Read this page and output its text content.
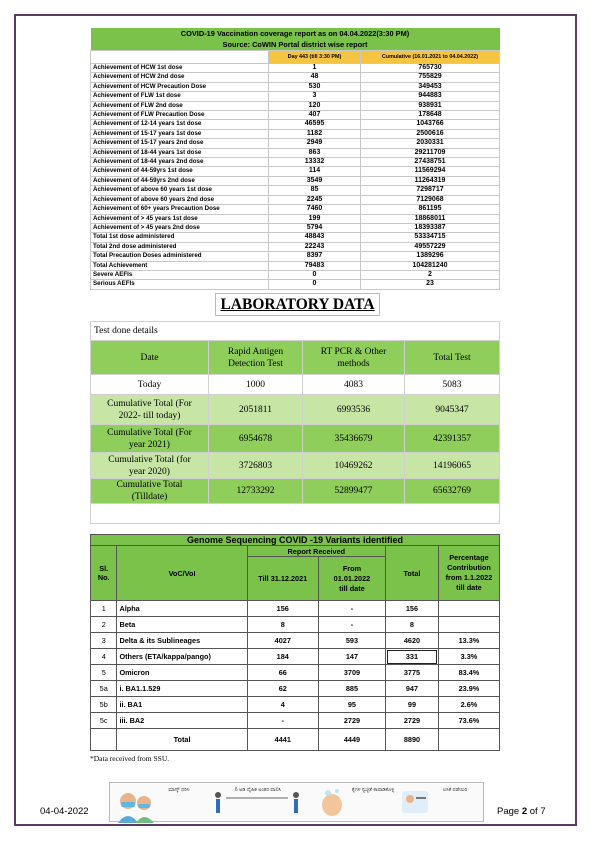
COVID-19 Vaccination coverage report as on 04.04.2022(3:30 PM)		
Source: CoWIN Portal district wise report		
	Day 443 (till 3:30 PM)	Cumulative (16.01.2021 to 04.04.2022)
Achievement of HCW 1st dose	1	765730
Achievement of HCW 2nd dose	48	755829
Achievement of HCW Precaution Dose	530	349453
Achievement of FLW 1st dose	3	944883
Achievement of FLW 2nd dose	120	938931
Achievement of FLW Precaution Dose	407	178648
Achievement of 12-14 years 1st dose	46595	1043766
Achievement of 15-17 years 1st dose	1182	2500616
Achievement of 15-17 years 2nd dose	2949	2030331
Achievement of 18-44 years 1st dose	863	29211709
Achievement of 18-44 years 2nd dose	13332	27438751
Achievement of 44-59yrs 1st dose	114	11569294
Achievement of 44-59yrs 2nd dose	3549	11264319
Achievement of above 60 years 1st dose	85	7298717
Achievement of above 60 years 2nd dose	2245	7129068
Achievement of 60+ years Precaution Dose	7460	861195
Achievement of > 45 years 1st dose	199	18868011
Achievement of > 45 years 2nd dose	5794	18393387
Total 1st dose administered	48843	53334715
Total 2nd dose administered	22243	49557229
Total Precaution Doses administered	8397	1389296
Total Achievement	79483	104281240
Severe AEFIs	0	2
Serious AEFIs	0	23
LABORATORY DATA
Test done details			
Date	Rapid Antigen Detection Test	RT PCR & Other methods	Total Test
Today	1000	4083	5083
Cumulative Total (For 2022- till today)	2051811	6993536	9045347
Cumulative Total (For year 2021)	6954678	35436679	42391357
Cumulative Total (for year 2020)	3726803	10469262	14196065
Cumulative Total (Tilldate)	12733292	52899477	65632769

Genome Sequencing COVID -19 Variants identified					
Sl. No.	VoC/VoI	Report Received		Total	Percentage Contribution from 1.1.2022 till date
		Till 31.12.2021	From 01.01.2022 till date		
1	Alpha	156	-	156	
2	Beta	8	-	8	
3	Delta & its Sublineages	4027	593	4620	13.3%
4	Others (ETA/kappa/pango)	184	147	331	3.3%
5	Omicron	66	3709	3775	83.4%
5a	i. BA1.1.529	62	885	947	23.9%
5b	ii. BA1	4	95	99	2.6%
5c	iii. BA2	-	2729	2729	73.6%
	Total	4441	4449	8890	
*Data received from SSU.
04-04-2022
ಮಾಸ್ಕ್ ಧರಿಸಿ	6 ಅಡಿ ದೈಹಿಕ ಅಂತರ ಪಾಲಿಸಿ	ಕೈಗಳ ಸ್ವಚ್ಛತೆ ಕಾಪಾಡಿಕೊಳ್ಳಿ	ಲಸಿಕೆ ಪಡೆಯಿರಿ
Page 2 of 7
